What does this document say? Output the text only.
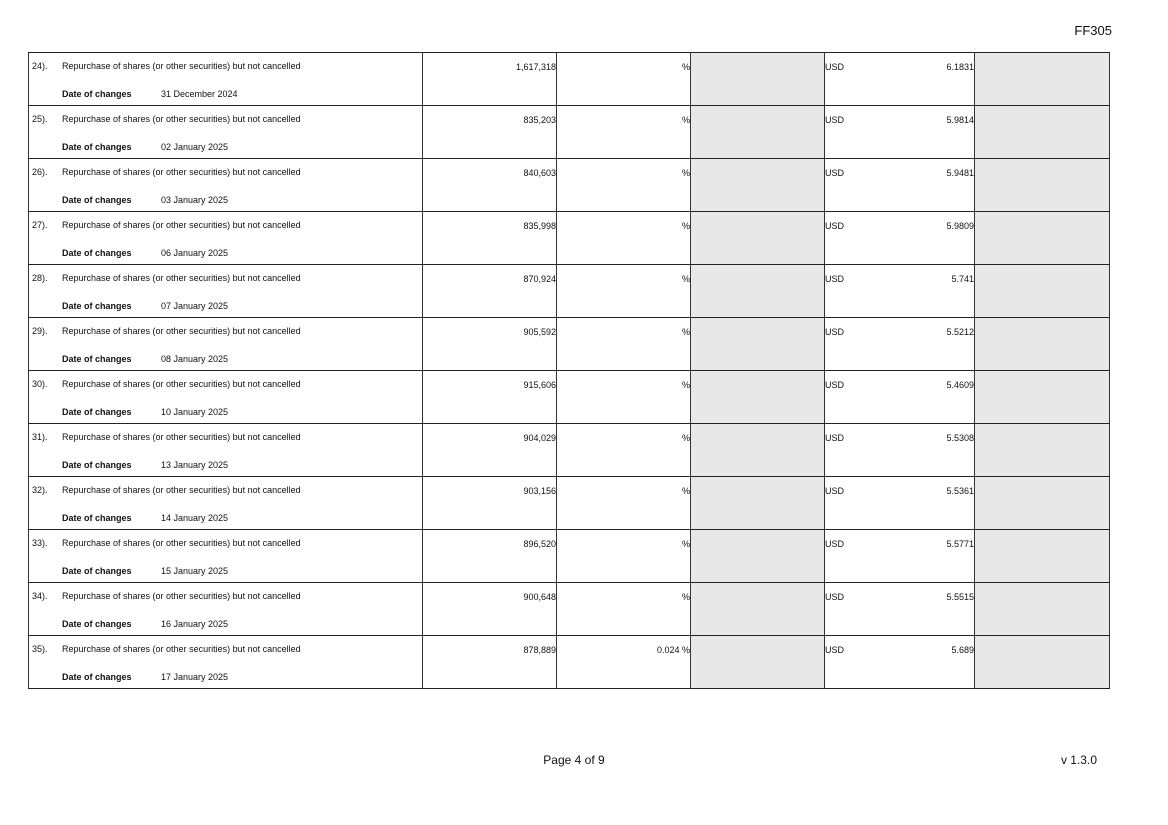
FF305
24). Repurchase of shares (or other securities) but not cancelled
Date of changes 31 December 2024	1,617,318	%		USD	6.1831	

25). Repurchase of shares (or other securities) but not cancelled
Date of changes 02 January 2025	835,203	%		USD	5.9814	

26). Repurchase of shares (or other securities) but not cancelled
Date of changes 03 January 2025	840,603	%		USD	5.9481	

27). Repurchase of shares (or other securities) but not cancelled
Date of changes 06 January 2025	835,998	%		USD	5.9809	

28). Repurchase of shares (or other securities) but not cancelled
Date of changes 07 January 2025	870,924	%		USD	5.741	

29). Repurchase of shares (or other securities) but not cancelled
Date of changes 08 January 2025	905,592	%		USD	5.5212	

30). Repurchase of shares (or other securities) but not cancelled
Date of changes 10 January 2025	915,606	%		USD	5.4609	

31). Repurchase of shares (or other securities) but not cancelled
Date of changes 13 January 2025	904,029	%		USD	5.5308	

32). Repurchase of shares (or other securities) but not cancelled
Date of changes 14 January 2025	903,156	%		USD	5.5361	

33). Repurchase of shares (or other securities) but not cancelled
Date of changes 15 January 2025	896,520	%		USD	5.5771	

34). Repurchase of shares (or other securities) but not cancelled
Date of changes 16 January 2025	900,648	%		USD	5.5515	

35). Repurchase of shares (or other securities) but not cancelled
Date of changes 17 January 2025	878,889	0.024 %		USD	5.689	

Page 4 of 9	v 1.3.0
